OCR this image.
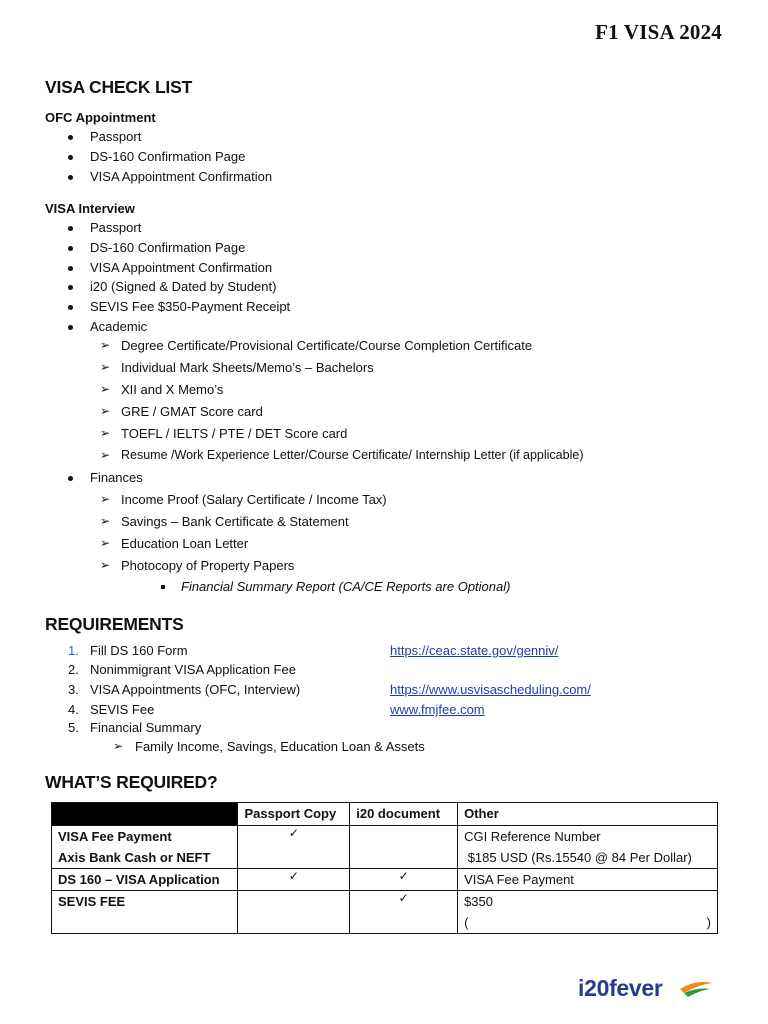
F1 VISA 2024
VISA CHECK LIST
OFC Appointment
Passport
DS-160 Confirmation Page
VISA Appointment Confirmation
VISA Interview
Passport
DS-160 Confirmation Page
VISA Appointment Confirmation
i20 (Signed & Dated by Student)
SEVIS Fee $350-Payment Receipt
Academic
➢ Degree Certificate/Provisional Certificate/Course Completion Certificate
➢ Individual Mark Sheets/Memo’s – Bachelors
➢ XII and X Memo’s
➢ GRE / GMAT Score card
➢ TOEFL / IELTS / PTE / DET Score card
➢ Resume /Work Experience Letter/Course Certificate/ Internship Letter (if applicable)
Finances
➢ Income Proof (Salary Certificate / Income Tax)
➢ Savings – Bank Certificate & Statement
➢ Education Loan Letter
➢ Photocopy of Property Papers
Financial Summary Report (CA/CE Reports are Optional)
REQUIREMENTS
1. Fill DS 160 Form	https://ceac.state.gov/genniv/
2. Nonimmigrant VISA Application Fee
3. VISA Appointments (OFC, Interview)	https://www.usvisascheduling.com/
4. SEVIS Fee	www.fmjfee.com
5. Financial Summary
➢ Family Income, Savings, Education Loan & Assets
WHAT’S REQUIRED?
	Passport Copy	i20 document	Other

VISA Fee Payment
Axis Bank Cash or NEFT	✓		CGI Reference Number
$185 USD (Rs.15540 @ 84 Per Dollar)

DS 160 – VISA Application	✓	✓	VISA Fee Payment

SEVIS FEE		✓	$350
( )
i20fever
